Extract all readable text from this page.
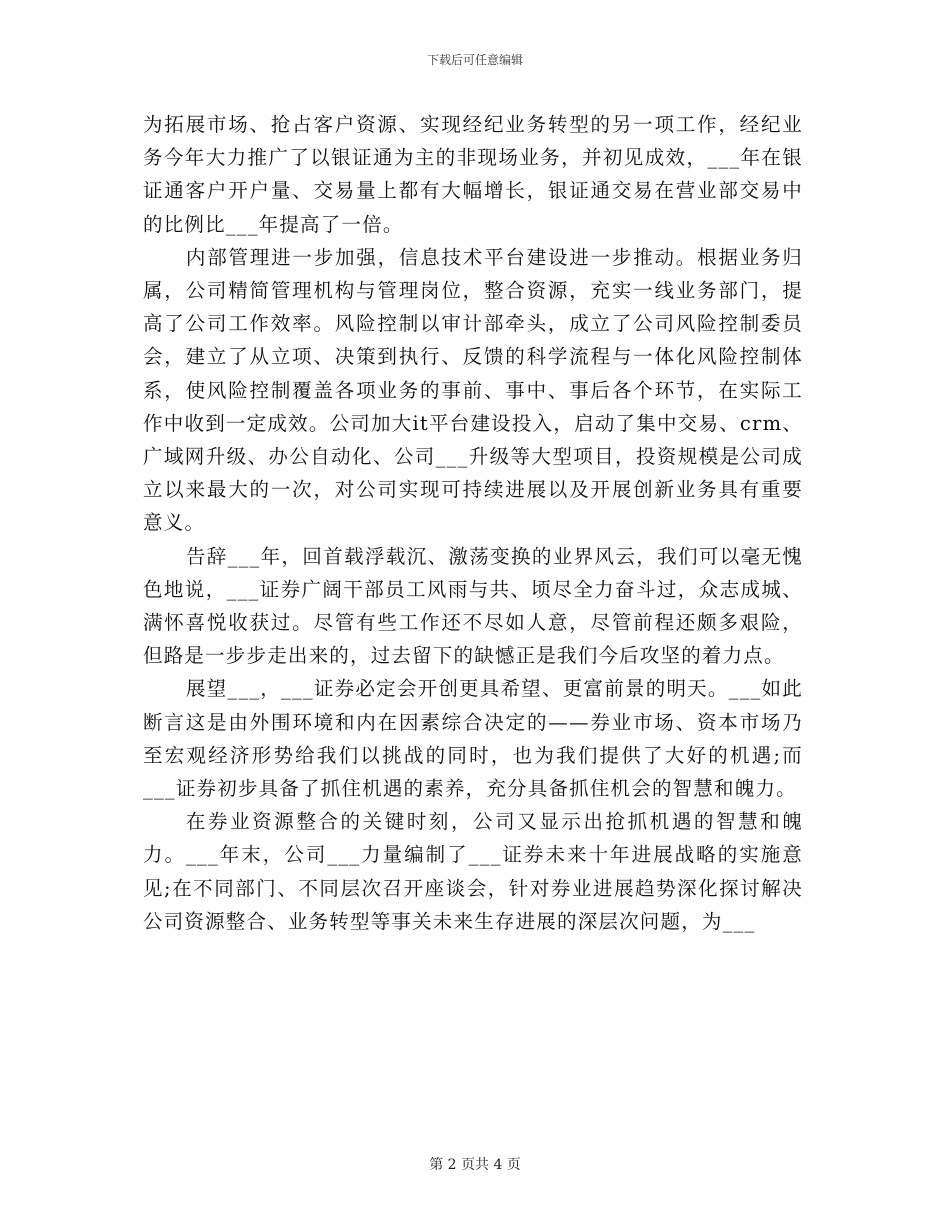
下载后可任意编辑

为拓展市场、抢占客户资源、实现经纪业务转型的另一项工作，经纪业务今年大力推广了以银证通为主的非现场业务，并初见成效，___年在银证通客户开户量、交易量上都有大幅增长，银证通交易在营业部交易中的比例比___年提高了一倍。

内部管理进一步加强，信息技术平台建设进一步推动。根据业务归属，公司精简管理机构与管理岗位，整合资源，充实一线业务部门，提高了公司工作效率。风险控制以审计部牵头，成立了公司风险控制委员会，建立了从立项、决策到执行、反馈的科学流程与一体化风险控制体系，使风险控制覆盖各项业务的事前、事中、事后各个环节，在实际工作中收到一定成效。公司加大it平台建设投入，启动了集中交易、crm、广域网升级、办公自动化、公司___升级等大型项目，投资规模是公司成立以来最大的一次，对公司实现可持续进展以及开展创新业务具有重要意义。

告辞___年，回首载浮载沉、激荡变换的业界风云，我们可以毫无愧色地说，___证券广阔干部员工风雨与共、顷尽全力奋斗过，众志成城、满怀喜悦收获过。尽管有些工作还不尽如人意，尽管前程还颇多艰险，但路是一步步走出来的，过去留下的缺憾正是我们今后攻坚的着力点。

展望___，___证券必定会开创更具希望、更富前景的明天。___如此断言这是由外围环境和内在因素综合决定的——券业市场、资本市场乃至宏观经济形势给我们以挑战的同时，也为我们提供了大好的机遇;而___证券初步具备了抓住机遇的素养，充分具备抓住机会的智慧和魄力。

在券业资源整合的关键时刻，公司又显示出抢抓机遇的智慧和魄力。___年末，公司___力量编制了___证券未来十年进展战略的实施意见;在不同部门、不同层次召开座谈会，针对券业进展趋势深化探讨解决公司资源整合、业务转型等事关未来生存进展的深层次问题，为___

第 2 页共 4 页
